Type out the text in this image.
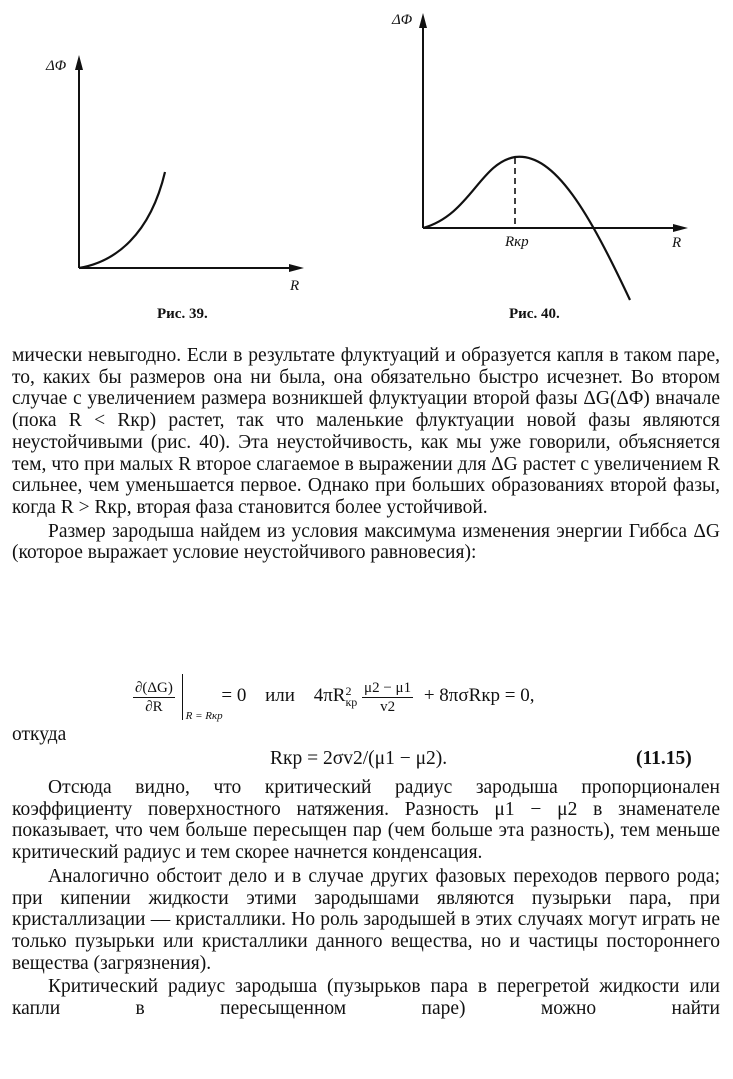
ΔΦ
R
ΔΦ
R
Rкр
Рис. 39.	Рис. 40.

мически невыгодно. Если в результате флуктуаций и образуется капля в таком паре, то, каких бы размеров она ни была, она обязательно быстро исчезнет. Во втором случае с увеличением размера возникшей флуктуации второй фазы ΔG(ΔΦ) вначале (пока R < Rкр) растет, так что маленькие флуктуации новой фазы являются неустойчивыми (рис. 40). Эта неустойчивость, как мы уже говорили, объясняется тем, что при малых R второе слагаемое в выражении для ΔG растет с увеличением R сильнее, чем уменьшается первое. Однако при больших образованиях второй фазы, когда R > Rкр, вторая фаза становится более устойчивой.

Размер зародыша найдем из условия максимума изменения энергии Гиббса ΔG (которое выражает условие неустойчивого равновесия):

$\frac{\partial(\Delta G)}{\partial R}$

R = Rкр
= 0 или 4πR 2
кр
$\frac{\mu 2 - \mu 1}{v2} + 8\pi\sigma Rкр = 0$,
откуда
Rкр = 2σv2/(μ1 − μ2).	(11.15)

Отсюда видно, что критический радиус зародыша пропорционален коэффициенту поверхностного натяжения. Разность μ1 − μ2 в знаменателе показывает, что чем больше пересыщен пар (чем больше эта разность), тем меньше критический радиус и тем скорее начнется конденсация.

Аналогично обстоит дело и в случае других фазовых переходов первого рода; при кипении жидкости этими зародышами являются пузырьки пара, при кристаллизации — кристаллики. Но роль зародышей в этих случаях могут играть не только пузырьки или кристаллики данного вещества, но и частицы постороннего вещества (загрязнения).

Критический радиус зародыша (пузырьков пара в перегретой жидкости или капли в пересыщенном паре) можно найти
